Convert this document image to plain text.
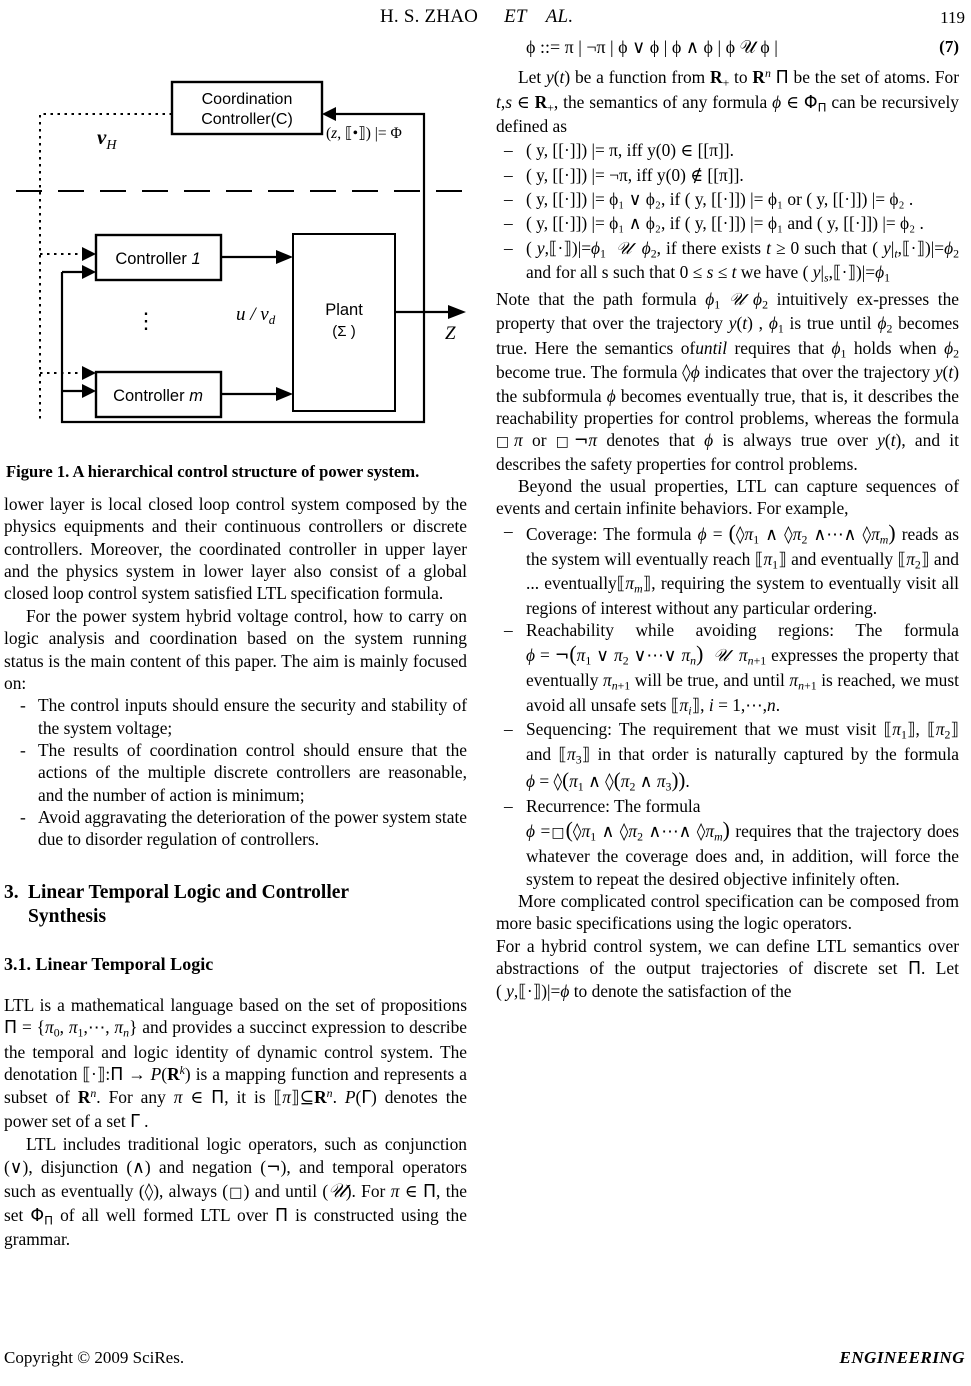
H. S. ZHAO ET    AL.	119
Coordination
Controller(C)
Controller 1
Controller m
Plant
(Σ )
$v_H$
(z, ⟦•⟧) |= Φ
u / $v_d$
⋮
Z
Figure 1. A hierarchical control structure of power system.

lower layer is local closed loop control system composed by the physics equipments and their continuous controllers or discrete controllers. Moreover, the coordinated controller in upper layer and the physics system in lower layer also consist of a global closed loop control system satisfied LTL specification formula.

For the power system hybrid voltage control, how to carry on logic analysis and coordination based on the system running status is the main content of this paper. The aim is mainly focused on:

- The control inputs should ensure the security and stability of the system voltage;
- The results of coordination control should ensure that the actions of the multiple discrete controllers are reasonable, and the number of action is minimum;
- Avoid aggravating the deterioration of the power system state due to disorder regulation of controllers.
3. Linear Temporal Logic and Controller
Synthesis
3.1. Linear Temporal Logic

LTL is a mathematical language based on the set of propositions $\Pi = \{\pi_0$, $\pi_1,\cdots$, $\pi_n$} and provides a succinct expression to describe the temporal and logic identity of dynamic control system. The denotation ⟦·⟧:Π → $P(R^k)$ is a mapping function and represents a subset of $R^n$. For any π ∈ Π, it is $⟦\pi⟧⊆R^n$. P(Γ) denotes the power set of a set Γ .

LTL includes traditional logic operators, such as conjunction (∨), disjunction (∧) and negation (¬), and temporal operators such as eventually (◊), always (□) and until (𝒰). For π ∈ Π, the set $\Phi_\Pi$ of all well formed LTL over Π is constructed using the grammar.

ϕ ::= π | ¬π | ϕ ∨ ϕ | ϕ ∧ ϕ | ϕ 𝒰 ϕ |	(7)

Let y(t) be a function from $R_+$ to $R^n$ Π be the set of atoms. For t,s ∈ $R_+$, the semantics of any formula ϕ ∈ $\Phi_\Pi$ can be recursively defined as

– ( y, [[·]]) |= π, iff y(0) ∈ [[π]].
– ( y, [[·]]) |= ¬π, iff y(0) ∉ [[π]].
– ( y, [[·]]) |= ϕ₁ ∨ ϕ₂, if ( y, [[·]]) |= ϕ₁ or ( y, [[·]]) |= ϕ₂ .
– ( y, [[·]]) |= ϕ₁ ∧ ϕ₂, if ( y, [[·]]) |= ϕ₁ and ( y, [[·]]) |= ϕ₂ .
– ( $y,⟦\cdot⟧)|=\phi_1$ 𝒰 $\phi_2$, if there exists t ≥ 0 such that ( $y|_t,⟦\cdot⟧)|=\phi_2$ and for all s such that 0 ≤ s ≤ t we have ( $y|_s,⟦\cdot⟧)|=\phi_1$

Note that the path formula $\phi_1$ 𝒰 $\phi_2$ intuitively ex-presses the property that over the trajectory y(t) , $\phi_1$ is true until $\phi_2$ becomes true. Here the semantics ofuntil requires that $\phi_1$ holds when $\phi_2$ become true. The formula ◊ϕ indicates that over the trajectory y(t) the subformula ϕ becomes eventually true, that is, it describes the reachability properties for control problems, whereas the formula □π or □¬π denotes that ϕ is always true over y(t), and it describes the safety properties for control problems.

Beyond the usual properties, LTL can capture sequences of events and certain infinite behaviors. For example,

– Coverage: The formula $\phi = (◊\pi_1$ ∧ $◊\pi_2$ ∧⋯∧ $◊\pi_m$) reads as the system will eventually reach $⟦\pi_1⟧$ and eventually $⟦\pi_2⟧$ and ... $eventually⟦\pi_m⟧$, requiring the system to eventually visit all regions of interest without any particular ordering.
– Reachability while avoiding regions: The formula $\phi = \neg(\pi_1$ ∨ $\pi_2$ ∨⋯∨ $\pi_n$) 𝒰 $\pi_{n+1}$ expresses the property that eventually $\pi_{n+1}$ will be true, and until $\pi_{n+1}$ is reached, we must avoid all unsafe sets $⟦\pi_i⟧$, i = 1,⋯,n.
– Sequencing: The requirement that we must visit $⟦\pi_1⟧$, $⟦\pi_2⟧$ and $⟦\pi_3⟧$ in that order is naturally captured by the formula $\phi = ◊(\pi_1$ ∧ $◊(\pi_2$ ∧ $\pi_3$)).
– Recurrence: The formula
$\phi =□(◊\pi_1$ ∧ $◊\pi_2$ ∧⋯∧ $◊\pi_m$) requires that the trajectory does whatever the coverage does and, in addition, will force the system to repeat the desired objective infinitely often.

More complicated control specification can be composed from more basic specifications using the logic operators.

For a hybrid control system, we can define LTL semantics over abstractions of the output trajectories of discrete set Π. Let ( y,⟦·⟧)|=ϕ to denote the satisfaction of the

Copyright © 2009 SciRes.	ENGINEERING
